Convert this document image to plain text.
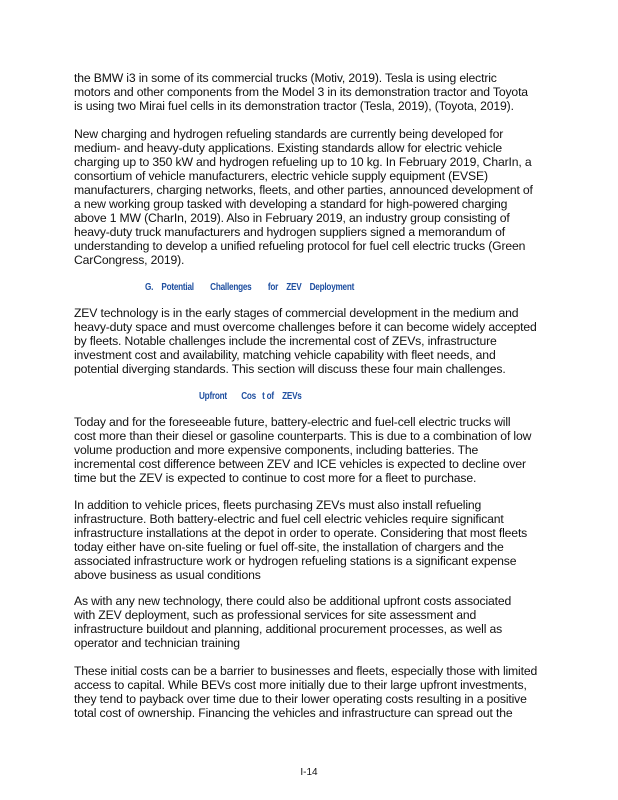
the BMW i3 in some of its commercial trucks (Motiv, 2019). Tesla is using electric
motors and other components from the Model 3 in its demonstration tractor and Toyota
is using two Mirai fuel cells in its demonstration tractor (Tesla, 2019), (Toyota, 2019).
New charging and hydrogen refueling standards are currently being developed for
medium- and heavy-duty applications. Existing standards allow for electric vehicle
charging up to 350 kW and hydrogen refueling up to 10 kg. In February 2019, CharIn, a
consortium of vehicle manufacturers, electric vehicle supply equipment (EVSE)
manufacturers, charging networks, fleets, and other parties, announced development of
a new working group tasked with developing a standard for high-powered charging
above 1 MW (CharIn, 2019). Also in February 2019, an industry group consisting of
heavy-duty truck manufacturers and hydrogen suppliers signed a memorandum of
understanding to develop a unified refueling protocol for fuel cell electric trucks (Green
CarCongress, 2019).
G.    Potential        Challenges        for    ZEV    Deployment
ZEV technology is in the early stages of commercial development in the medium and
heavy-duty space and must overcome challenges before it can become widely accepted
by fleets. Notable challenges include the incremental cost of ZEVs, infrastructure
investment cost and availability, matching vehicle capability with fleet needs, and
potential diverging standards. This section will discuss these four main challenges.
Upfront       Cos   t of    ZEVs
Today and for the foreseeable future, battery-electric and fuel-cell electric trucks will
cost more than their diesel or gasoline counterparts. This is due to a combination of low
volume production and more expensive components, including batteries. The
incremental cost difference between ZEV and ICE vehicles is expected to decline over
time but the ZEV is expected to continue to cost more for a fleet to purchase.
In addition to vehicle prices, fleets purchasing ZEVs must also install refueling
infrastructure. Both battery-electric and fuel cell electric vehicles require significant
infrastructure installations at the depot in order to operate. Considering that most fleets
today either have on-site fueling or fuel off-site, the installation of chargers and the
associated infrastructure work or hydrogen refueling stations is a significant expense
above business as usual conditions
As with any new technology, there could also be additional upfront costs associated
with ZEV deployment, such as professional services for site assessment and
infrastructure buildout and planning, additional procurement processes, as well as
operator and technician training
These initial costs can be a barrier to businesses and fleets, especially those with limited
access to capital. While BEVs cost more initially due to their large upfront investments,
they tend to payback over time due to their lower operating costs resulting in a positive
total cost of ownership. Financing the vehicles and infrastructure can spread out the
I-14
